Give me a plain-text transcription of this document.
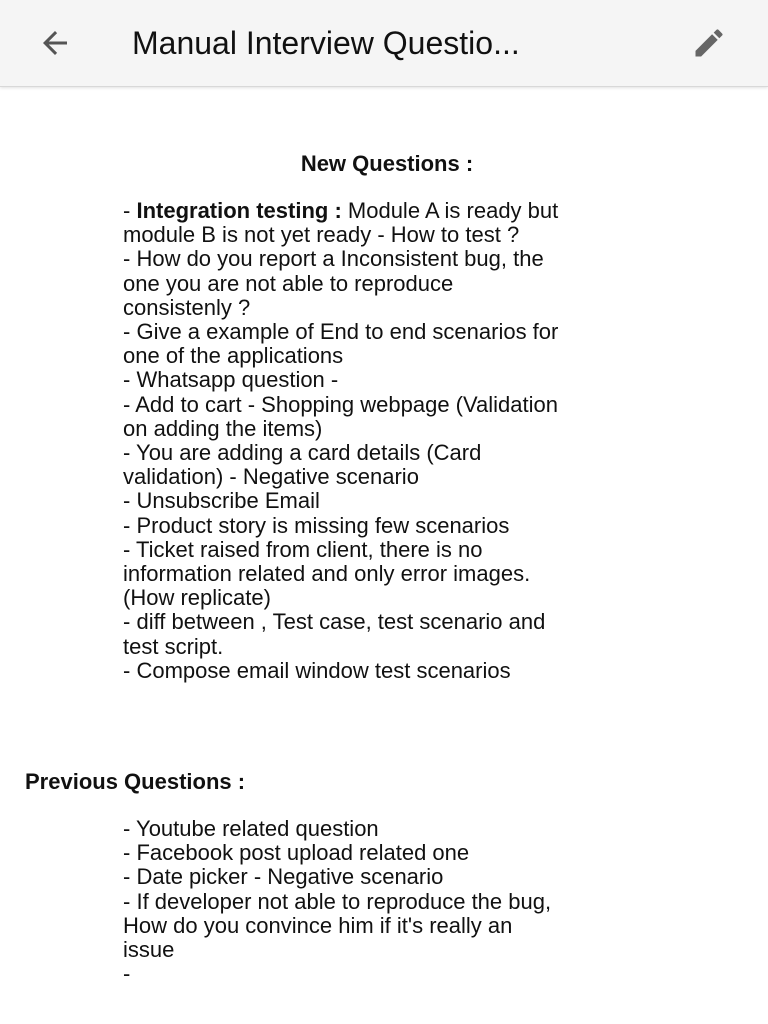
Manual Interview Questio...
New Questions :
- Integration testing : Module A is ready but
module B is not yet ready - How to test ?
- How do you report a Inconsistent bug, the
one you are not able to reproduce
consistenly ?
- Give a example of End to end scenarios for
one of the applications
- Whatsapp question -
- Add to cart - Shopping webpage (Validation
on adding the items)
- You are adding a card details (Card
validation) - Negative scenario
- Unsubscribe Email
- Product story is missing few scenarios
- Ticket raised from client, there is no
information related and only error images.
(How replicate)
- diff between , Test case, test scenario and
test script.
- Compose email window test scenarios
Previous Questions :
- Youtube related question
- Facebook post upload related one
- Date picker - Negative scenario
- If developer not able to reproduce the bug,
How do you convince him if it's really an
issue
-
